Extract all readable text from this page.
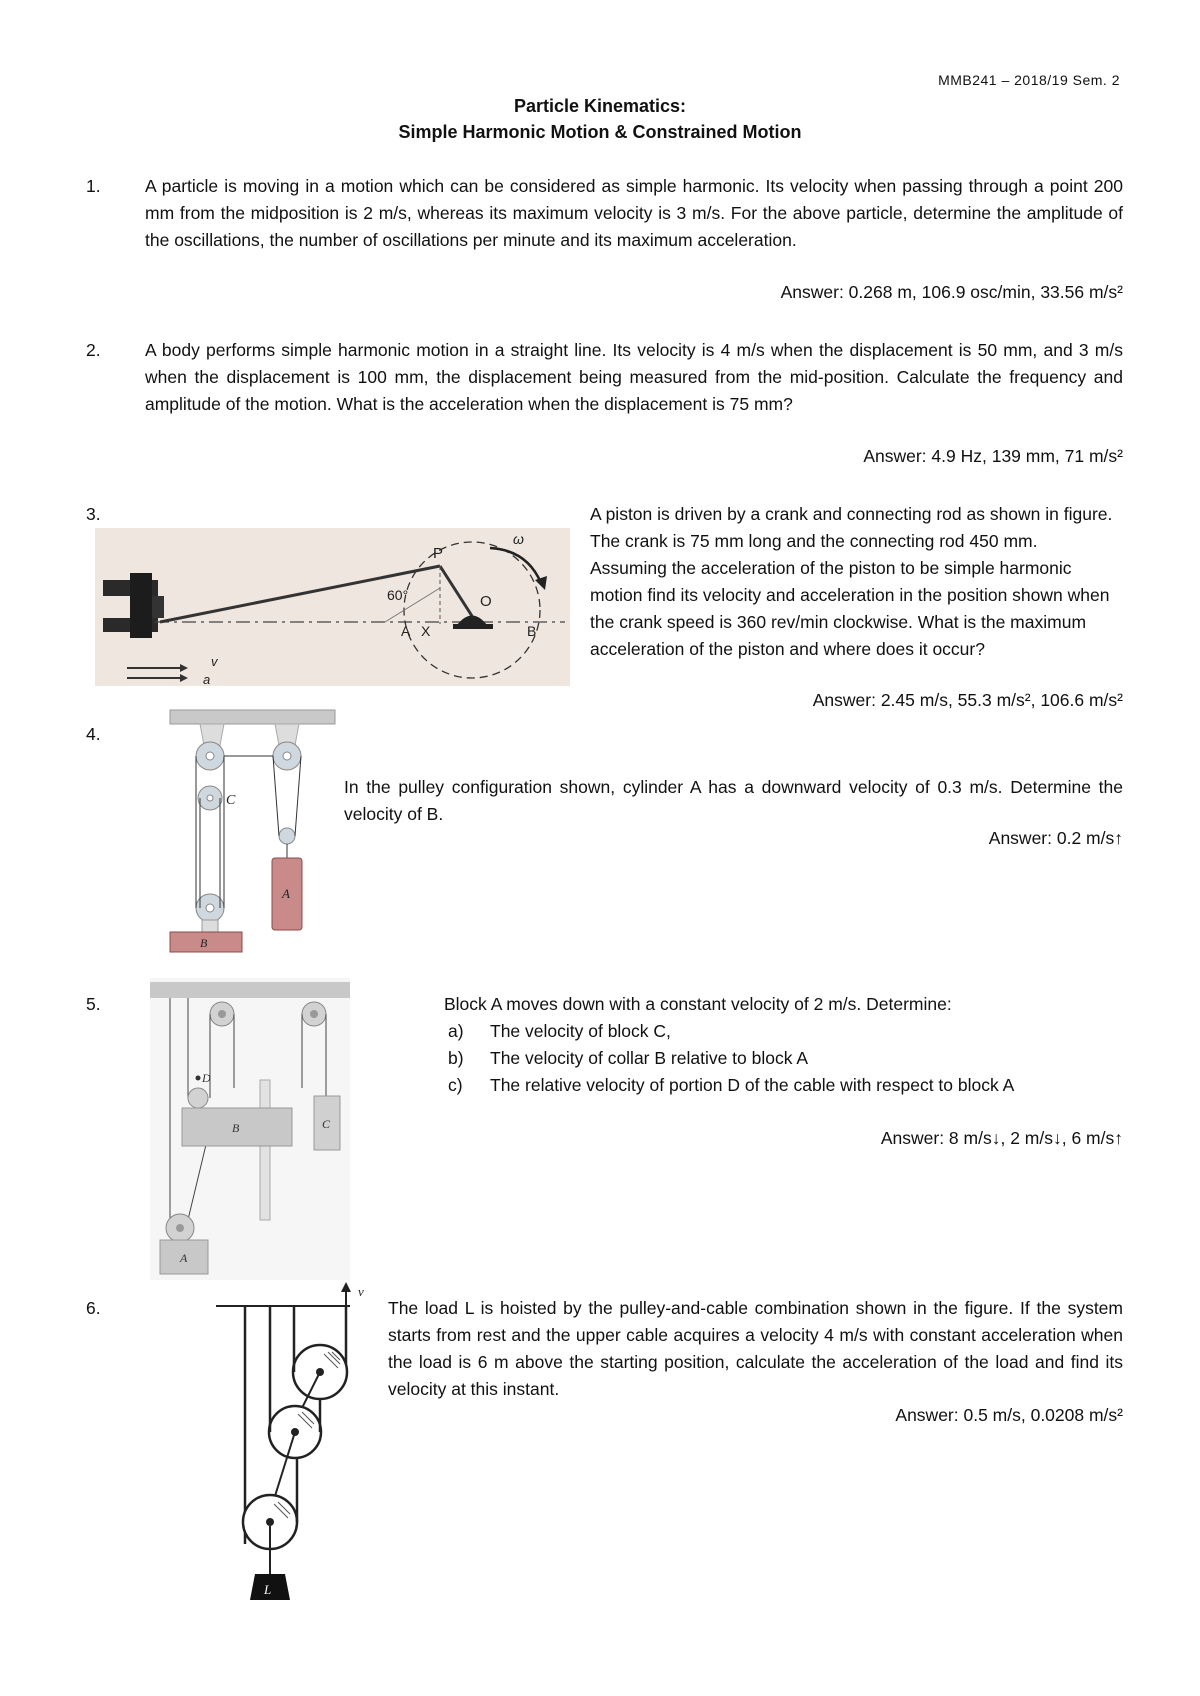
MMB241 – 2018/19 Sem. 2
Particle Kinematics:
Simple Harmonic Motion & Constrained Motion
1.	A particle is moving in a motion which can be considered as simple harmonic. Its velocity when passing through a point 200 mm from the midposition is 2 m/s, whereas its maximum velocity is 3 m/s. For the above particle, determine the amplitude of the oscillations, the number of oscillations per minute and its maximum acceleration.
Answer: 0.268 m, 106.9 osc/min, 33.56 m/s²
2.	A body performs simple harmonic motion in a straight line. Its velocity is 4 m/s when the displacement is 50 mm, and 3 m/s when the displacement is 100 mm, the displacement being measured from the mid-position. Calculate the frequency and amplitude of the motion. What is the acceleration when the displacement is 75 mm?
Answer: 4.9 Hz, 139 mm, 71 m/s²
3.	A piston is driven by a crank and connecting rod as shown in figure. The crank is 75 mm long and the connecting rod 450 mm. Assuming the acceleration of the piston to be simple harmonic motion find its velocity and acceleration in the position shown when the crank speed is 360 rev/min clockwise. What is the maximum acceleration of the piston and where does it occur?
Answer: 2.45 m/s, 55.3 m/s², 106.6 m/s²
P
60°
A X
O
B
ω
v
a
4.
In the pulley configuration shown, cylinder A has a downward velocity of 0.3 m/s. Determine the velocity of B.
Answer: 0.2 m/s↑
C
A
B
5.	Block A moves down with a constant velocity of 2 m/s. Determine:
a)	The velocity of block C,
b)	The velocity of collar B relative to block A
c)	The relative velocity of portion D of the cable with respect to block A
Answer: 8 m/s↓, 2 m/s↓, 6 m/s↑
D
B	C
A
6.	The load L is hoisted by the pulley-and-cable combination shown in the figure. If the system starts from rest and the upper cable acquires a velocity 4 m/s with constant acceleration when the load is 6 m above the starting position, calculate the acceleration of the load and find its velocity at this instant.
Answer: 0.5 m/s, 0.0208 m/s²
v
L
